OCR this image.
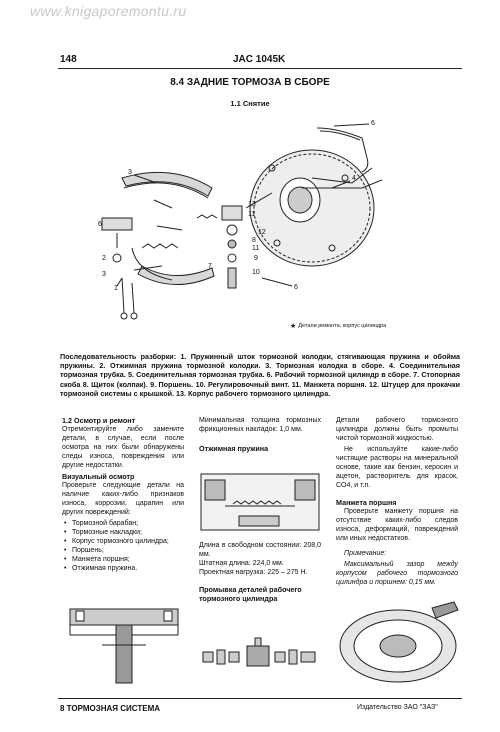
www.knigaporemontu.ru
148	JAC 1045K
8.4 ЗАДНИЕ ТОРМОЗА В СБОРЕ
1.1 Снятие
6
4
3
6
2
3
1
13
11
12
8
11
9
10
7
6
★ Детали ремонта, корпус цилиндра
Последовательность разборки: 1. Пружинный шток тормозной колодки, стягивающая пружина и обойма пружины. 2. Отжимная пружина тормозной колодки. 3. Тормозная колодка в сборе. 4. Соединительная тормозная трубка. 5. Соединительная тормозная трубка. 6. Рабочий тормозной цилиндр в сборе. 7. Стопорная скоба 8. Щиток (колпак). 9. Поршень. 10. Регулировочный винт. 11. Манжета поршня. 12. Штуцер для прокачки тормозной системы с крышкой. 13. Корпус рабочего тормозного цилиндра.
1.2 Осмотр и ремонт

Отремонтируйте либо замените детали, в случае, если после осмотра на них были обнаружены следы износа, повреждения или другие недостатки.

Визуальный осмотр

Проверьте следующие детали на наличие каких-либо признаков износа, коррозии, царапин или других повреждений:

• Тормозной барабан;
• Тормозные накладки;
• Корпус тормозного цилиндра;
• Поршень;
• Манжета поршня;
• Отжимная пружина.

Минимальная толщина тормозных фрикционных накладок: 1,0 мм.

Отжимная пружина

Длина в свободном состоянии: 208,0 мм.

Штатная длина: 224,0 мм.

Проектная нагрузка: 225 – 275 Н.

Промывка деталей рабочего тормозного цилиндра

Детали рабочего тормозного цилиндра должны быть промыты чистой тормозной жидкостью.

Не используйте какие-либо чистящие растворы на минеральной основе, такие как бензин, керосин и ацетон, растворитель для красок, CO4, и т.п.

Манжета поршня

Проверьте манжету поршня на отсутствие каких-либо следов износа, деформаций, повреждений или иных недостатков.

Примечание:

Максимальный зазор между корпусом рабочего тормозного цилиндра и поршнем: 0,15 мм.

8 ТОРМОЗНАЯ СИСТЕМА	Издательство ЗАО "ЗАЗ"
